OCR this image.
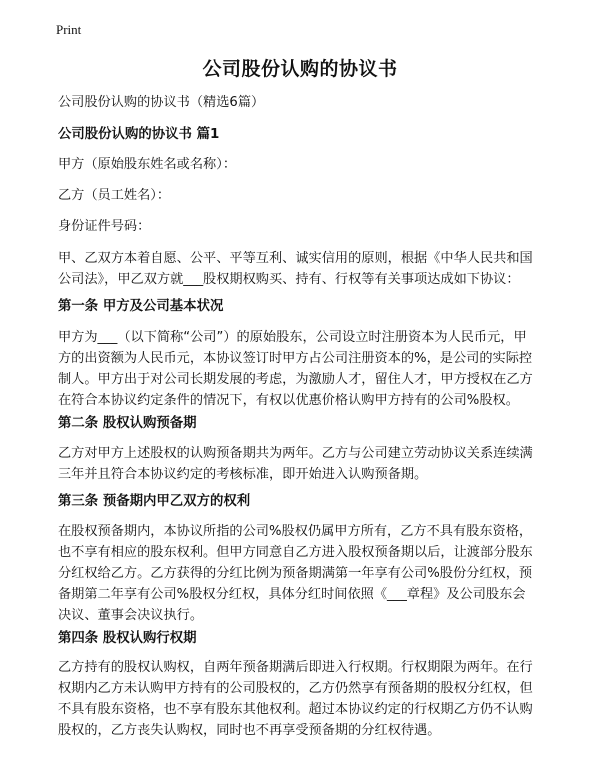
Print
公司股份认购的协议书
公司股份认购的协议书（精选6篇）
公司股份认购的协议书 篇1
甲方（原始股东姓名或名称）：
乙方（员工姓名）：
身份证件号码：
甲、乙双方本着自愿、公平、平等互利、诚实信用的原则，根据《中华人民共和国
公司法》，甲乙双方就___股权期权购买、持有、行权等有关事项达成如下协议：
第一条 甲方及公司基本状况
甲方为___（以下简称“公司”）的原始股东，公司设立时注册资本为人民币元，甲
方的出资额为人民币元，本协议签订时甲方占公司注册资本的%，是公司的实际控
制人。甲方出于对公司长期发展的考虑，为激励人才，留住人才，甲方授权在乙方
在符合本协议约定条件的情况下，有权以优惠价格认购甲方持有的公司%股权。
第二条 股权认购预备期
乙方对甲方上述股权的认购预备期共为两年。乙方与公司建立劳动协议关系连续满
三年并且符合本协议约定的考核标准，即开始进入认购预备期。
第三条 预备期内甲乙双方的权利
在股权预备期内，本协议所指的公司%股权仍属甲方所有，乙方不具有股东资格，
也不享有相应的股东权利。但甲方同意自乙方进入股权预备期以后，让渡部分股东
分红权给乙方。乙方获得的分红比例为预备期满第一年享有公司%股份分红权，预
备期第二年享有公司%股权分红权，具体分红时间依照《___章程》及公司股东会
决议、董事会决议执行。
第四条 股权认购行权期
乙方持有的股权认购权，自两年预备期满后即进入行权期。行权期限为两年。在行
权期内乙方未认购甲方持有的公司股权的，乙方仍然享有预备期的股权分红权，但
不具有股东资格，也不享有股东其他权利。超过本协议约定的行权期乙方仍不认购
股权的，乙方丧失认购权，同时也不再享受预备期的分红权待遇。
